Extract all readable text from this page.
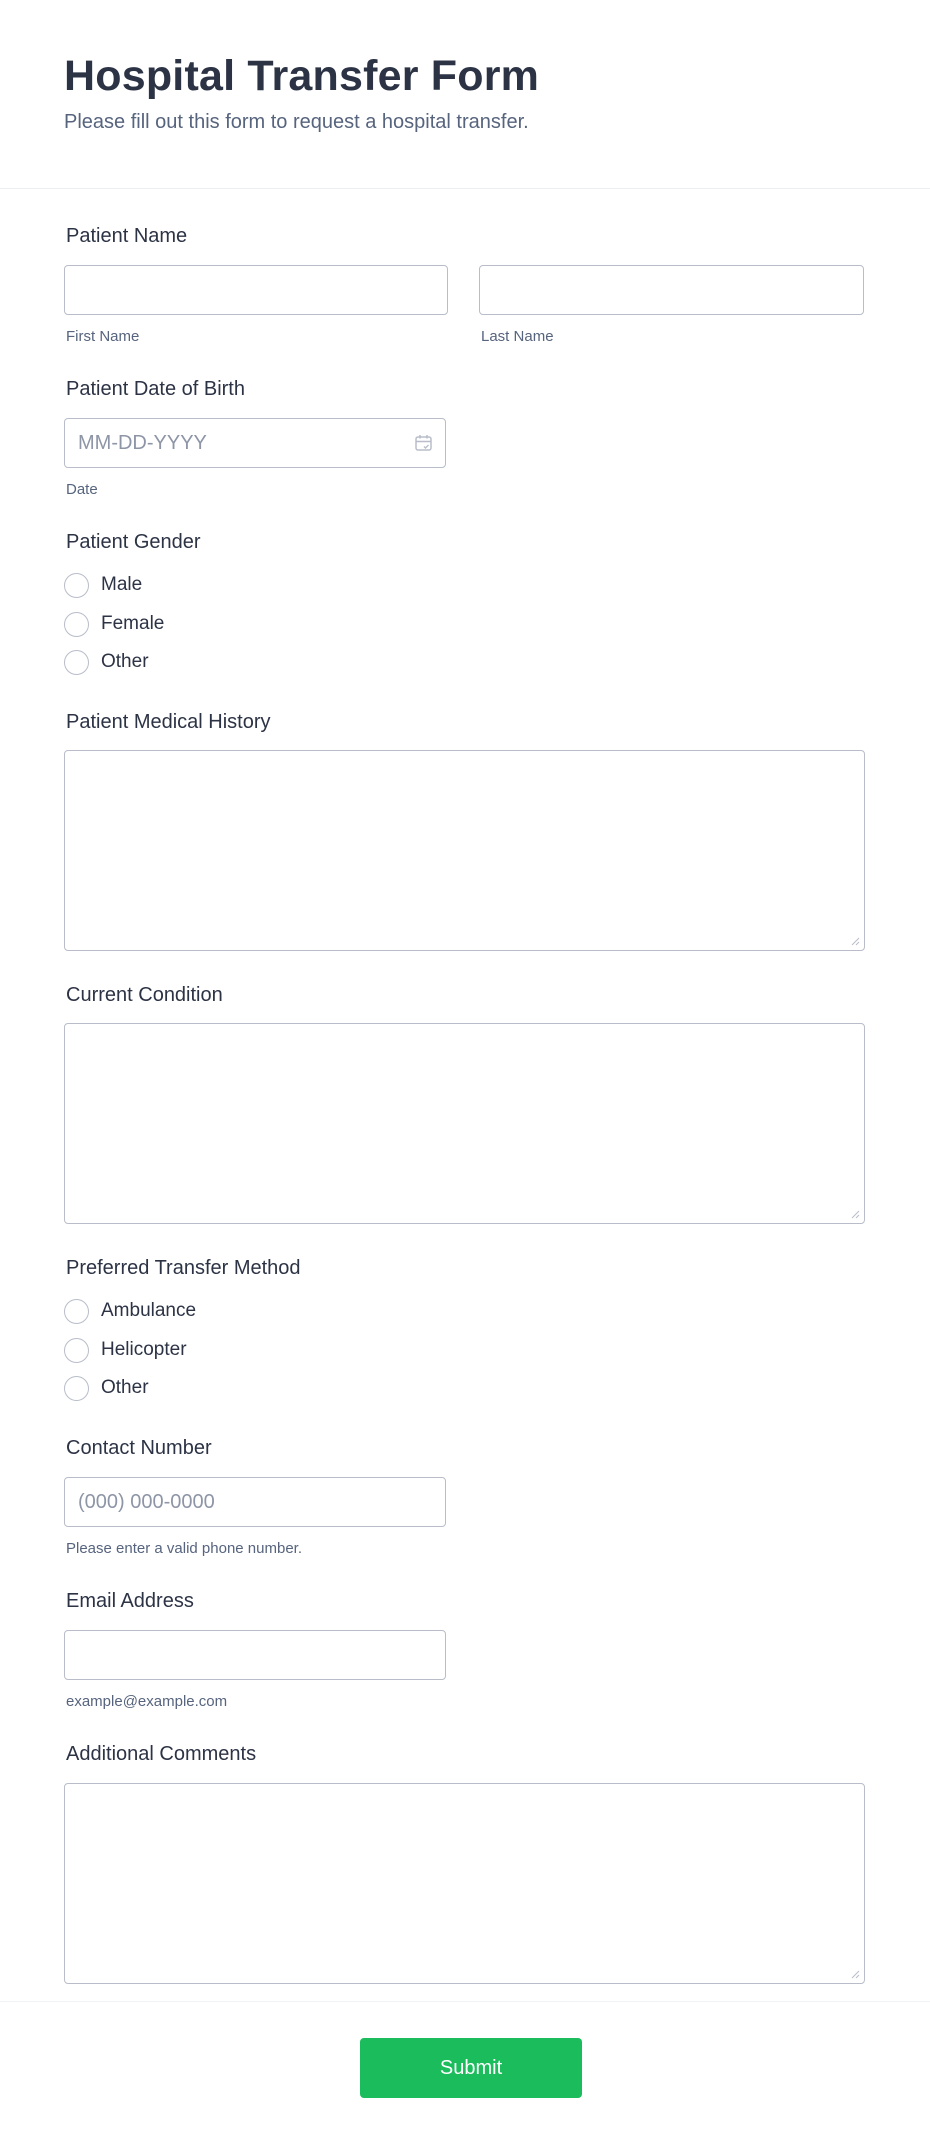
Hospital Transfer Form

Please fill out this form to request a hospital transfer.

Patient Name
First Name	Last Name
Patient Date of Birth
MM-DD-YYYY
Date
Patient Gender
Male
Female
Other
Patient Medical History
Current Condition
Preferred Transfer Method
Ambulance
Helicopter
Other
Contact Number
(000) 000-0000
Please enter a valid phone number.
Email Address
example@example.com
Additional Comments
Submit
